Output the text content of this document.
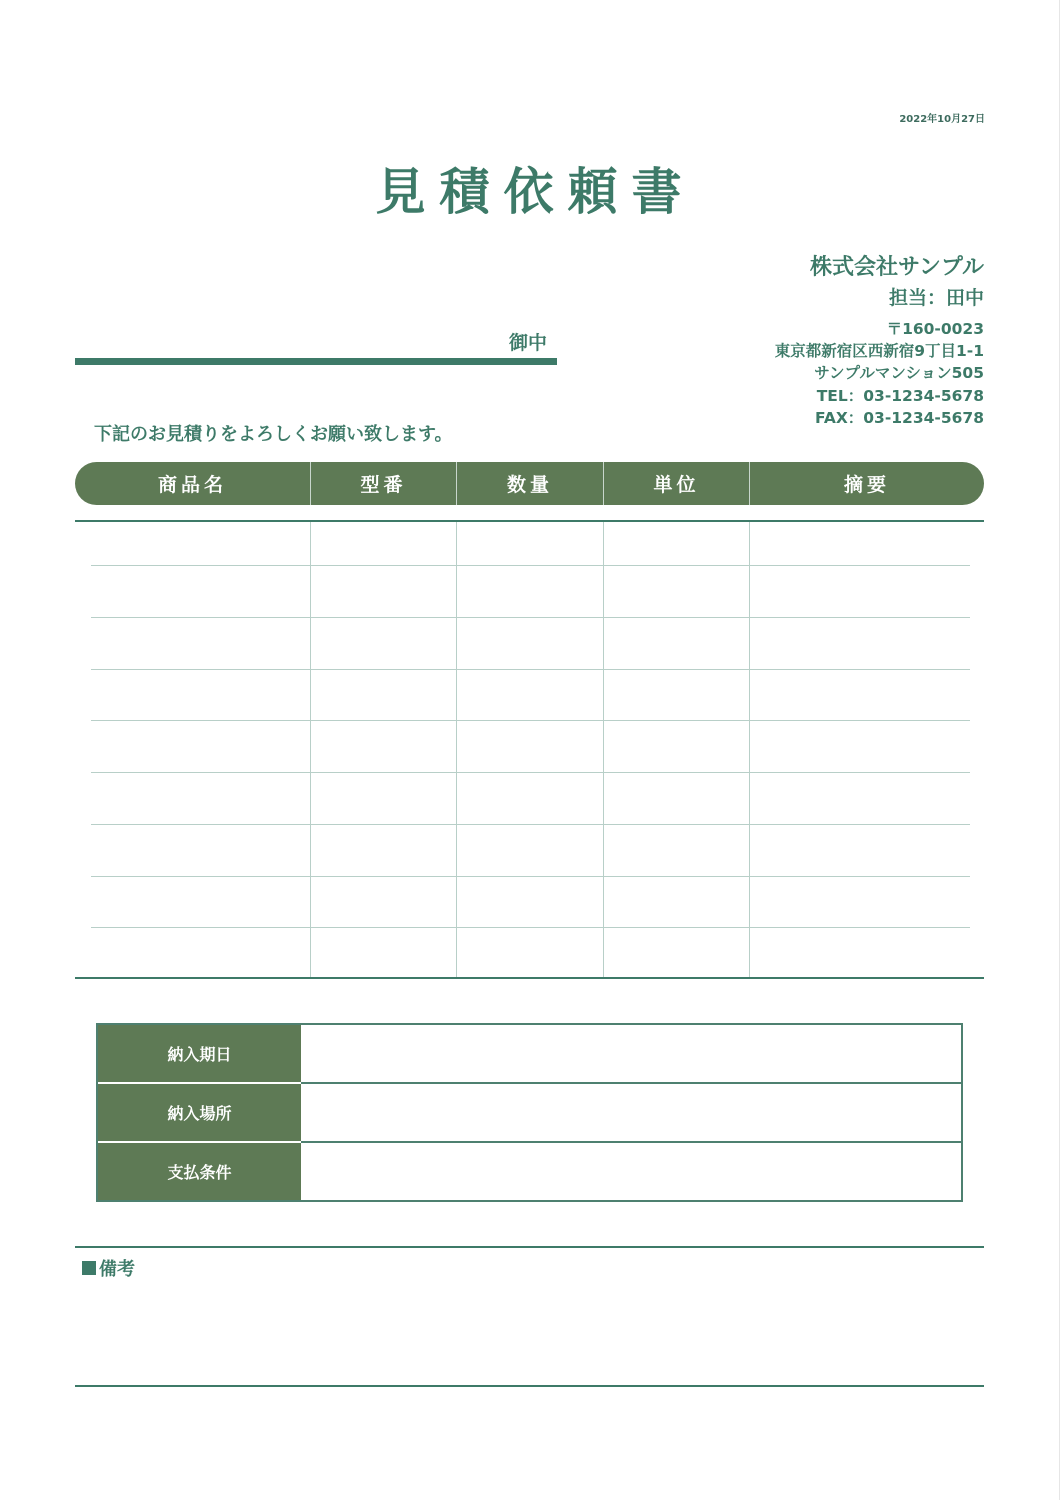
2022年10月27日
見積依頼書
株式会社サンプル
担当：田中
〒160-0023
東京都新宿区西新宿9丁目1-1
サンプルマンション505
TEL：03-1234-5678
FAX：03-1234-5678
御中
下記のお見積りをよろしくお願い致します。
商品名	型番	数量	単位	摘要
納入期日
納入場所
支払条件
備考
